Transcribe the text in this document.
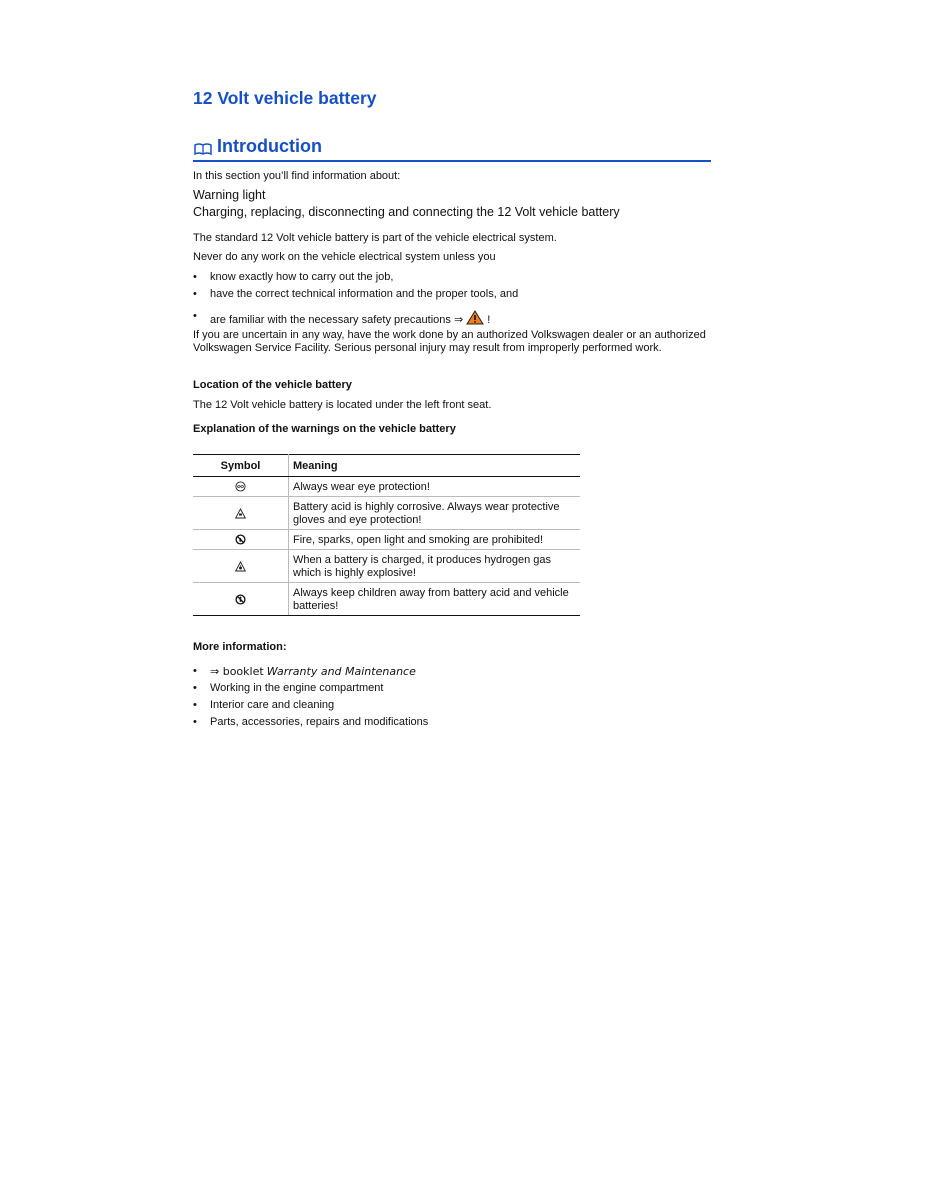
12 Volt vehicle battery
Introduction

In this section you’ll find information about:

Warning light

Charging, replacing, disconnecting and connecting the 12 Volt vehicle battery

The standard 12 Volt vehicle battery is part of the vehicle electrical system.

Never do any work on the vehicle electrical system unless you

• know exactly how to carry out the job,
• have the correct technical information and the proper tools, and
• are familiar with the necessary safety precautions ⇒ !

If you are uncertain in any way, have the work done by an authorized Volkswagen dealer or an authorized Volkswagen Service Facility. Serious personal injury may result from improperly performed work.

Location of the vehicle battery

The 12 Volt vehicle battery is located under the left front seat.

Explanation of the warnings on the vehicle battery

Symbol	Meaning
	Always wear eye protection!
	Battery acid is highly corrosive. Always wear protective gloves and eye protection!
	Fire, sparks, open light and smoking are prohibited!
	When a battery is charged, it produces hydrogen gas which is highly explosive!
	Always keep children away from battery acid and vehicle batteries!

More information:

• ⇒ booklet Warranty and Maintenance
• Working in the engine compartment
• Interior care and cleaning
• Parts, accessories, repairs and modifications
